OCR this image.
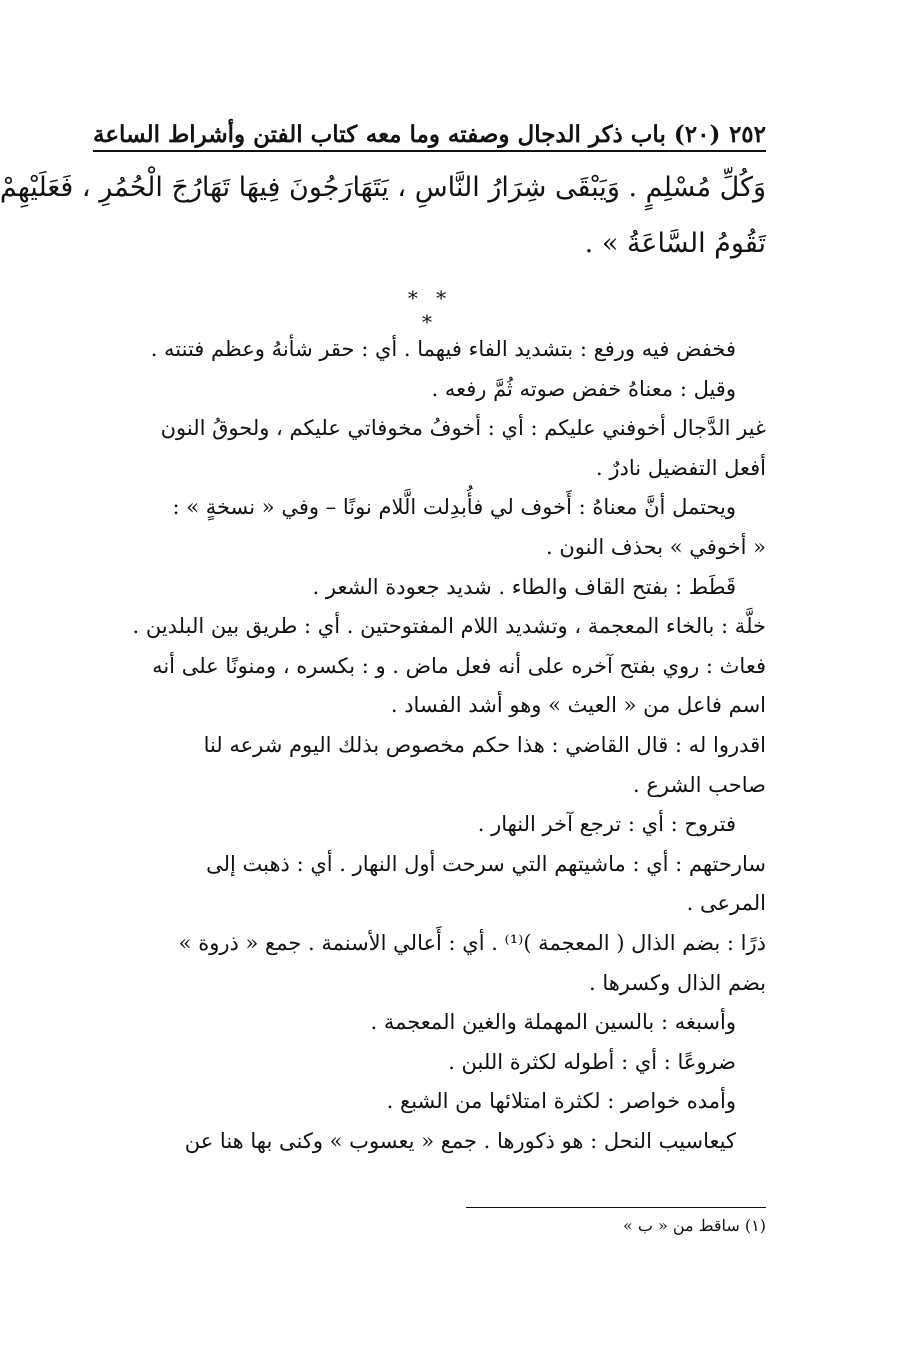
٢٥٢
(٢٠) باب ذكر الدجال وصفته وما معه
كتاب الفتن وأشراط الساعة
وَكُلِّ مُسْلِمٍ . وَيَبْقَى شِرَارُ النَّاسِ ، يَتَهَارَجُونَ فِيهَا تَهَارُجَ الْحُمُرِ ، فَعَلَيْهِمْ
تَقُومُ السَّاعَةُ » .
* * *
فخفض فيه ورفع : بتشديد الفاء فيهما . أي : حقر شأنهُ وعظم فتنته .
وقيل : معناهُ خفض صوته ثُمَّ رفعه .
غير الدَّجال أخوفني عليكم : أي : أخوفُ مخوفاتي عليكم ، ولحوقُ النون
أفعل التفضيل نادرٌ .
ويحتمل أنَّ معناهُ : أَخوف لي فأُبدِلت الَّلام نونًا – وفي « نسخةٍ » :
« أخوفي » بحذف النون .
قَطَط : بفتح القاف والطاء . شديد جعودة الشعر .
خلَّة : بالخاء المعجمة ، وتشديد اللام المفتوحتين . أي : طريق بين البلدين .
فعاث : روي بفتح آخره على أنه فعل ماض . و : بكسره ، ومنونًا على أنه
اسم فاعل من « العيث » وهو أشد الفساد .
اقدروا له : قال القاضي : هذا حكم مخصوص بذلك اليوم شرعه لنا
صاحب الشرع .
فتروح : أي : ترجع آخر النهار .
سارحتهم : أي : ماشيتهم التي سرحت أول النهار . أي : ذهبت إلى
المرعى .
ذرًا : بضم الذال ( المعجمة )⁽¹⁾ . أي : أَعالي الأسنمة . جمع « ذروة »
بضم الذال وكسرها .
وأسبغه : بالسين المهملة والغين المعجمة .
ضروعًا : أي : أطوله لكثرة اللبن .
وأمده خواصر : لكثرة امتلائها من الشبع .
كيعاسيب النحل : هو ذكورها . جمع « يعسوب » وكنى بها هنا عن
(١) ساقط من « ب »
